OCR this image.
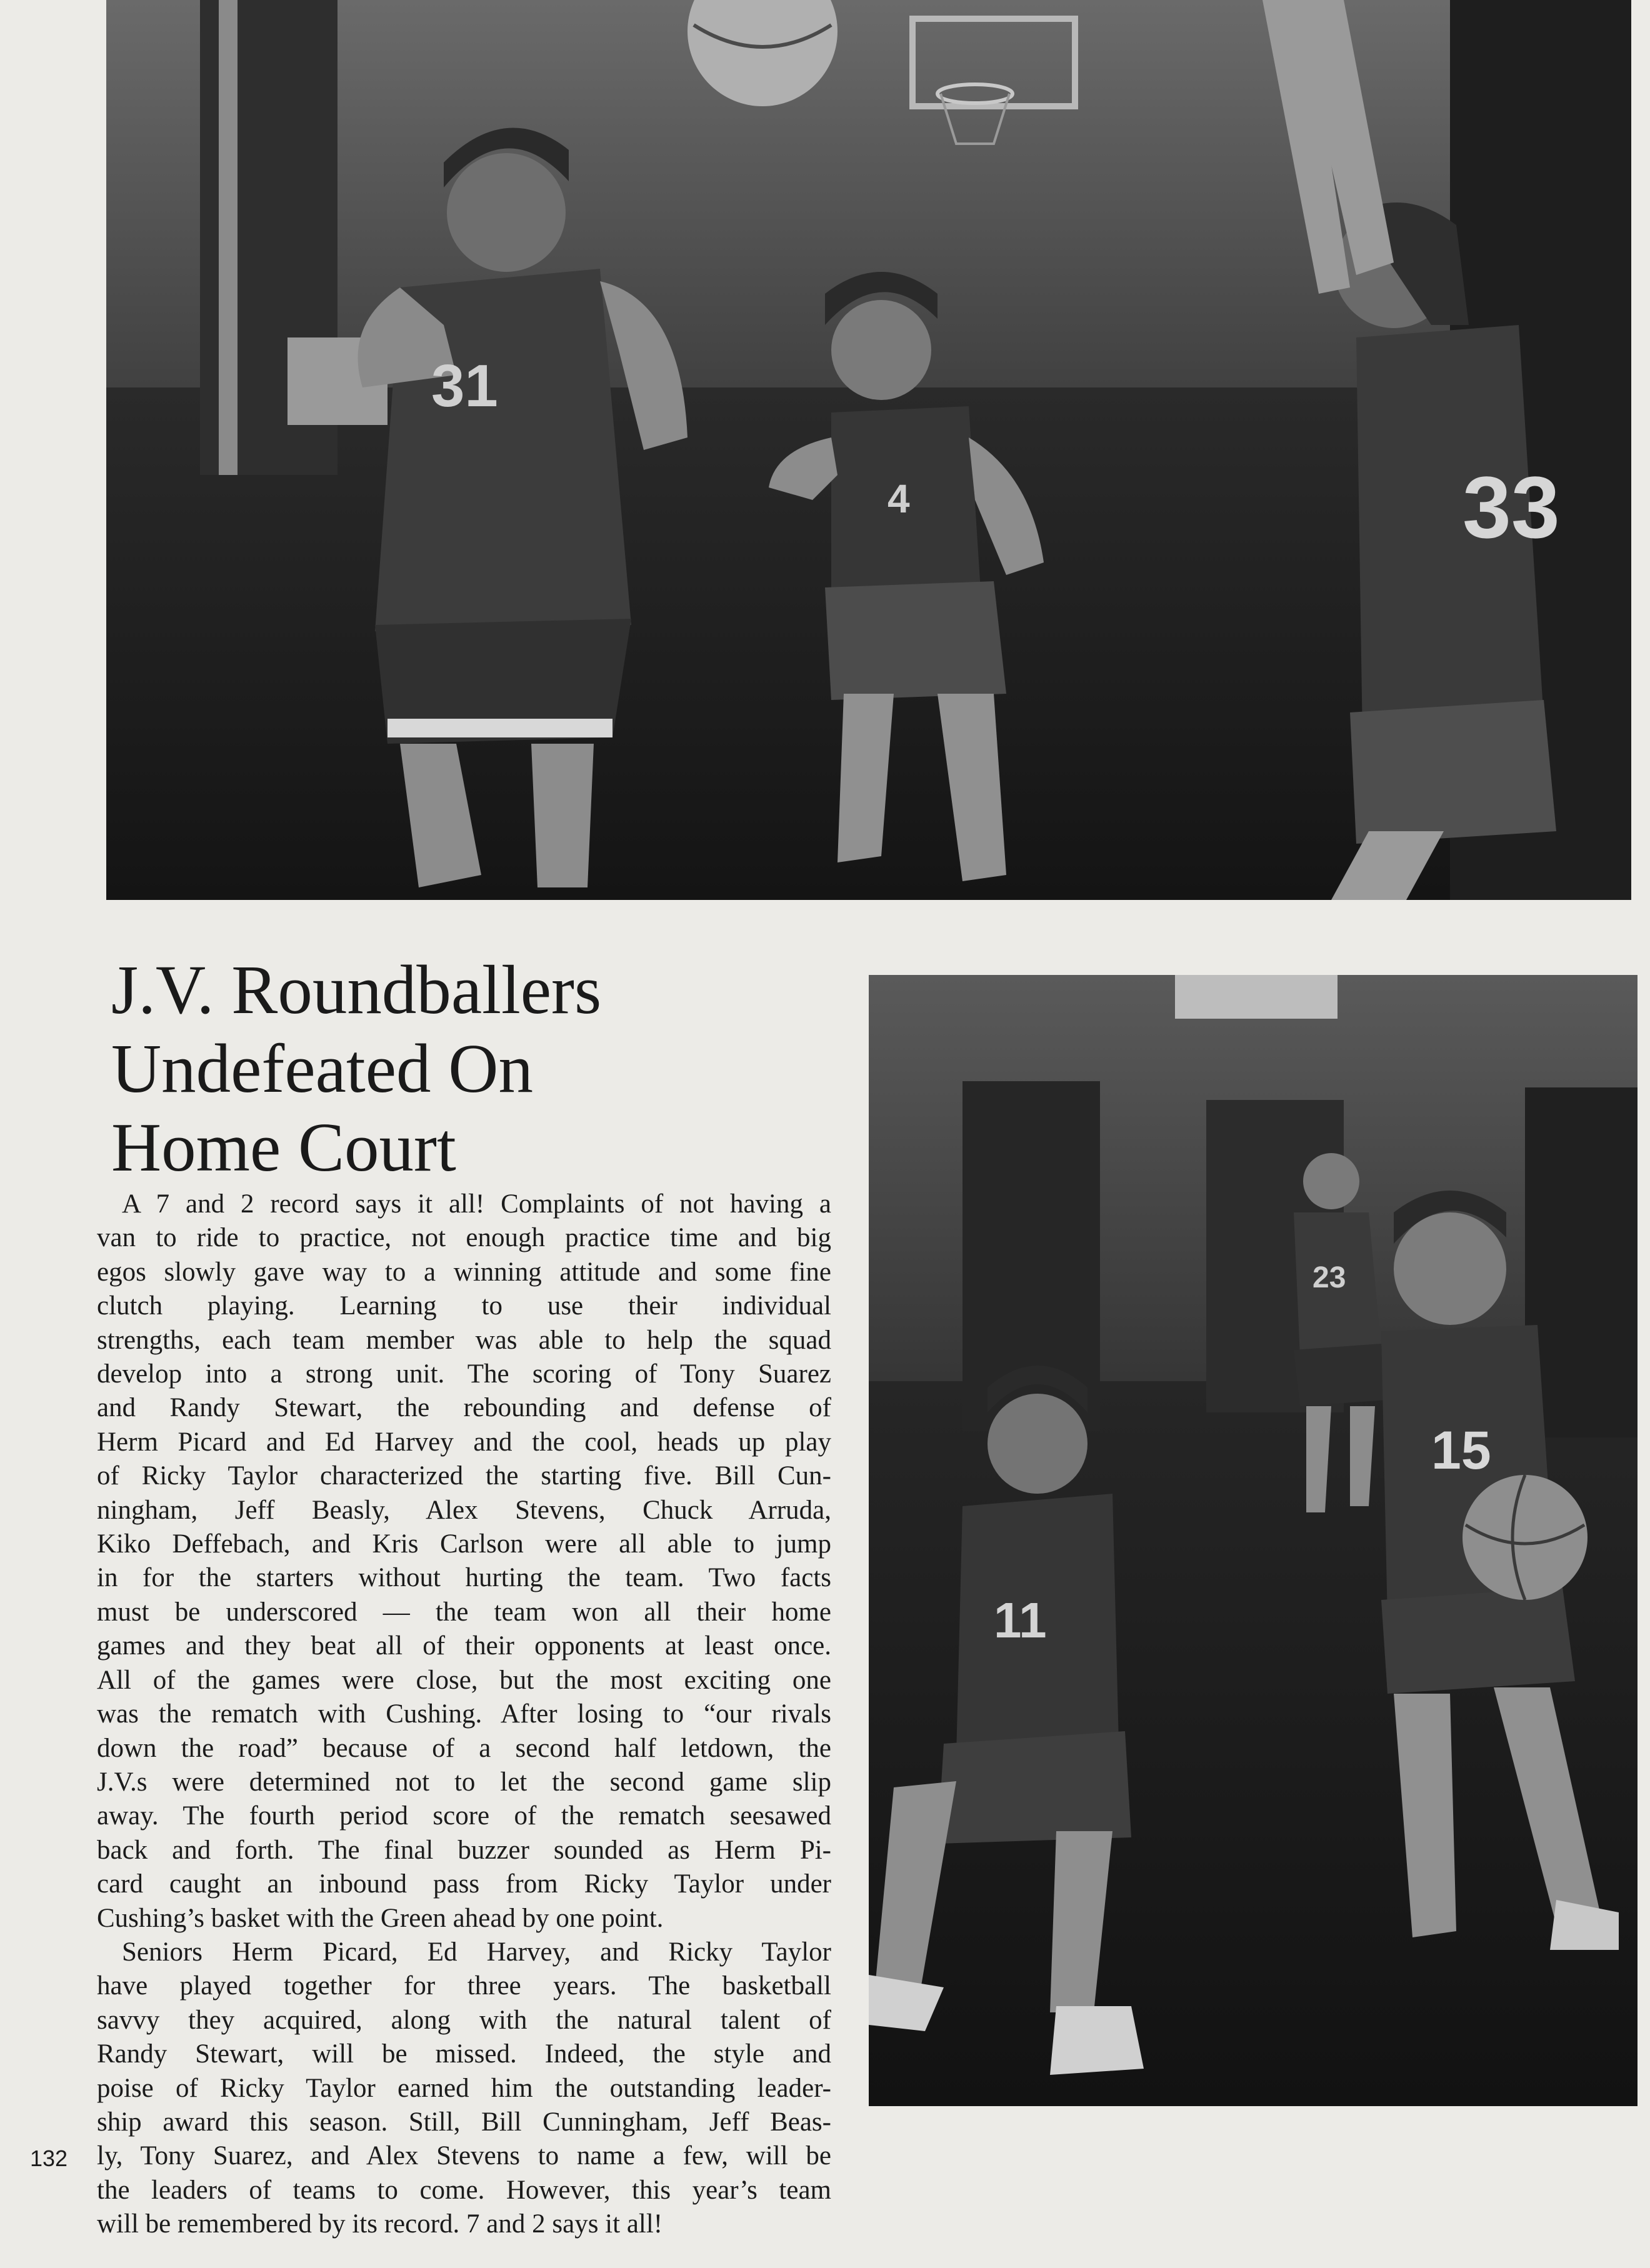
31
4	33
J.V. Roundballers
Undefeated On
Home Court
A 7 and 2 record says it all! Complaints of not having a
van to ride to practice, not enough practice time and big
egos slowly gave way to a winning attitude and some fine
clutch playing. Learning to use their individual
strengths, each team member was able to help the squad
develop into a strong unit. The scoring of Tony Suarez
and Randy Stewart, the rebounding and defense of
Herm Picard and Ed Harvey and the cool, heads up play
of Ricky Taylor characterized the starting five. Bill Cun-
ningham, Jeff Beasly, Alex Stevens, Chuck Arruda,
Kiko Deffebach, and Kris Carlson were all able to jump
in for the starters without hurting the team. Two facts
must be underscored — the team won all their home
games and they beat all of their opponents at least once.
All of the games were close, but the most exciting one
was the rematch with Cushing. After losing to “our rivals
down the road” because of a second half letdown, the
J.V.s were determined not to let the second game slip
away. The fourth period score of the rematch seesawed
back and forth. The final buzzer sounded as Herm Pi-
card caught an inbound pass from Ricky Taylor under
Cushing’s basket with the Green ahead by one point.
Seniors Herm Picard, Ed Harvey, and Ricky Taylor
have played together for three years. The basketball
savvy they acquired, along with the natural talent of
Randy Stewart, will be missed. Indeed, the style and
poise of Ricky Taylor earned him the outstanding leader-
ship award this season. Still, Bill Cunningham, Jeff Beas-
ly, Tony Suarez, and Alex Stevens to name a few, will be
the leaders of teams to come. However, this year’s team
will be remembered by its record. 7 and 2 says it all!
23
11
15
132
